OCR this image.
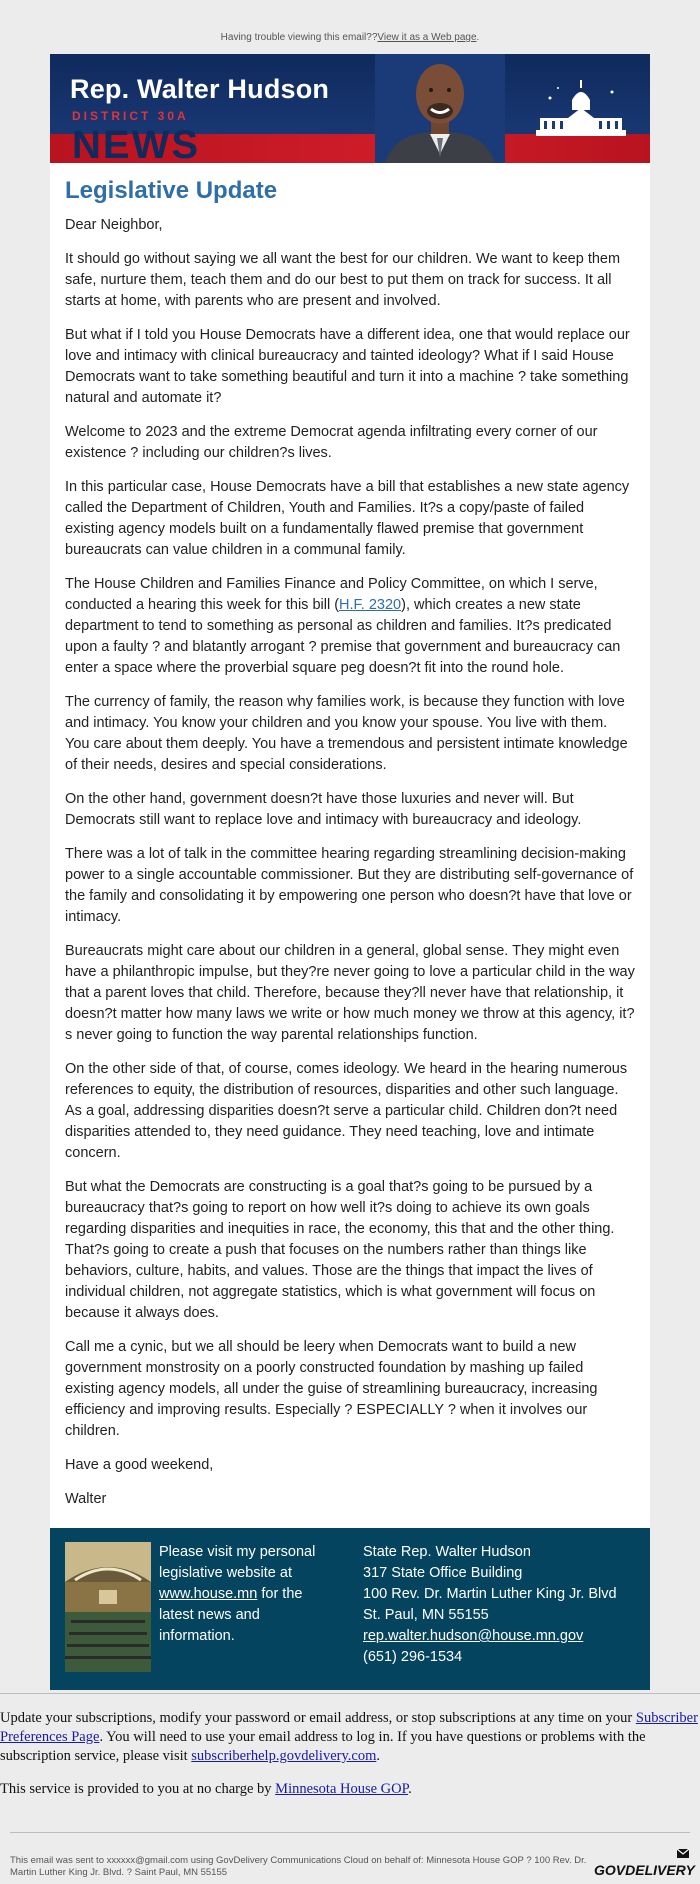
Having trouble viewing this email??View it as a Web page.
NEWS
Rep. Walter Hudson
DISTRICT 30A
Legislative Update

Dear Neighbor,

It should go without saying we all want the best for our children. We want to keep them safe, nurture them, teach them and do our best to put them on track for success. It all starts at home, with parents who are present and involved.

But what if I told you House Democrats have a different idea, one that would replace our love and intimacy with clinical bureaucracy and tainted ideology? What if I said House Democrats want to take something beautiful and turn it into a machine ? take something natural and automate it?

Welcome to 2023 and the extreme Democrat agenda infiltrating every corner of our existence ? including our children?s lives.

In this particular case, House Democrats have a bill that establishes a new state agency called the Department of Children, Youth and Families. It?s a copy/paste of failed existing agency models built on a fundamentally flawed premise that government bureaucrats can value children in a communal family.

The House Children and Families Finance and Policy Committee, on which I serve, conducted a hearing this week for this bill (H.F. 2320), which creates a new state department to tend to something as personal as children and families. It?s predicated upon a faulty ? and blatantly arrogant ? premise that government and bureaucracy can enter a space where the proverbial square peg doesn?t fit into the round hole.

The currency of family, the reason why families work, is because they function with love and intimacy. You know your children and you know your spouse. You live with them. You care about them deeply. You have a tremendous and persistent intimate knowledge of their needs, desires and special considerations.

On the other hand, government doesn?t have those luxuries and never will. But Democrats still want to replace love and intimacy with bureaucracy and ideology.

There was a lot of talk in the committee hearing regarding streamlining decision-making power to a single accountable commissioner. But they are distributing self-governance of the family and consolidating it by empowering one person who doesn?t have that love or intimacy.

Bureaucrats might care about our children in a general, global sense. They might even have a philanthropic impulse, but they?re never going to love a particular child in the way that a parent loves that child. Therefore, because they?ll never have that relationship, it doesn?t matter how many laws we write or how much money we throw at this agency, it?s never going to function the way parental relationships function.

On the other side of that, of course, comes ideology. We heard in the hearing numerous references to equity, the distribution of resources, disparities and other such language. As a goal, addressing disparities doesn?t serve a particular child. Children don?t need disparities attended to, they need guidance. They need teaching, love and intimate concern.

But what the Democrats are constructing is a goal that?s going to be pursued by a bureaucracy that?s going to report on how well it?s doing to achieve its own goals regarding disparities and inequities in race, the economy, this that and the other thing. That?s going to create a push that focuses on the numbers rather than things like behaviors, culture, habits, and values. Those are the things that impact the lives of individual children, not aggregate statistics, which is what government will focus on because it always does.

Call me a cynic, but we all should be leery when Democrats want to build a new government monstrosity on a poorly constructed foundation by mashing up failed existing agency models, all under the guise of streamlining bureaucracy, increasing efficiency and improving results. Especially ? ESPECIALLY ? when it involves our children.

Have a good weekend,

Walter

Please visit my personal legislative website at www.house.mn for the latest news and information.
State Rep. Walter Hudson
317 State Office Building
100 Rev. Dr. Martin Luther King Jr. Blvd
St. Paul, MN 55155
rep.walter.hudson@house.mn.gov
(651) 296-1534
Update your subscriptions, modify your password or email address, or stop subscriptions at any time on your Subscriber Preferences Page. You will need to use your email address to log in. If you have questions or problems with the subscription service, please visit subscriberhelp.govdelivery.com.
This service is provided to you at no charge by Minnesota House GOP.
This email was sent to xxxxxx@gmail.com using GovDelivery Communications Cloud on behalf of: Minnesota House GOP ? 100 Rev. Dr. Martin Luther King Jr. Blvd. ? Saint Paul, MN 55155	GOVDELIVERY
